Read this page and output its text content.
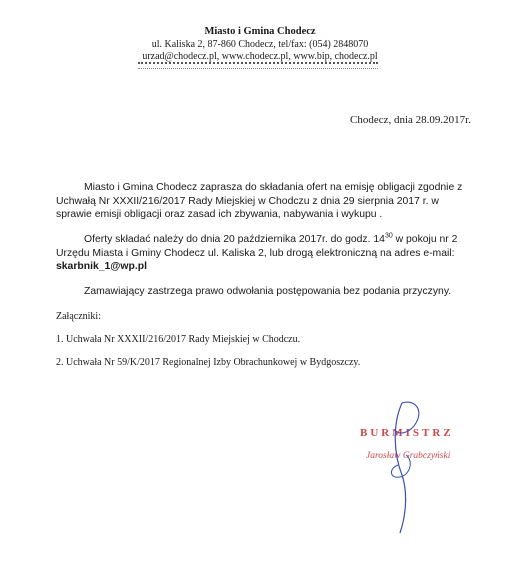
Miasto i Gmina Chodecz
ul. Kaliska 2, 87-860 Chodecz, tel/fax: (054) 2848070
urzad@chodecz.pl, www.chodecz.pl, www.bip, chodecz.pl
Chodecz, dnia 28.09.2017r.
Miasto i Gmina Chodecz zaprasza do składania ofert na emisję obligacji zgodnie z Uchwałą Nr XXXII/216/2017 Rady Miejskiej w Chodczu z dnia 29 sierpnia 2017 r. w sprawie emisji obligacji oraz zasad ich zbywania, nabywania i wykupu .
Oferty składać należy do dnia 20 października 2017r. do godz. $14^{30}$ w pokoju nr 2 Urzędu Miasta i Gminy Chodecz ul. Kaliska 2, lub drogą elektroniczną na adres e-mail:
skarbnik_1@wp.pl
Zamawiający zastrzega prawo odwołania postępowania bez podania przyczyny.
Załączniki:
1. Uchwała Nr XXXII/216/2017 Rady Miejskiej w Chodczu.
2. Uchwała Nr 59/K/2017 Regionalnej Izby Obrachunkowej w Bydgoszczy.
BURMISTRZ
Jarosław Grabczyński
